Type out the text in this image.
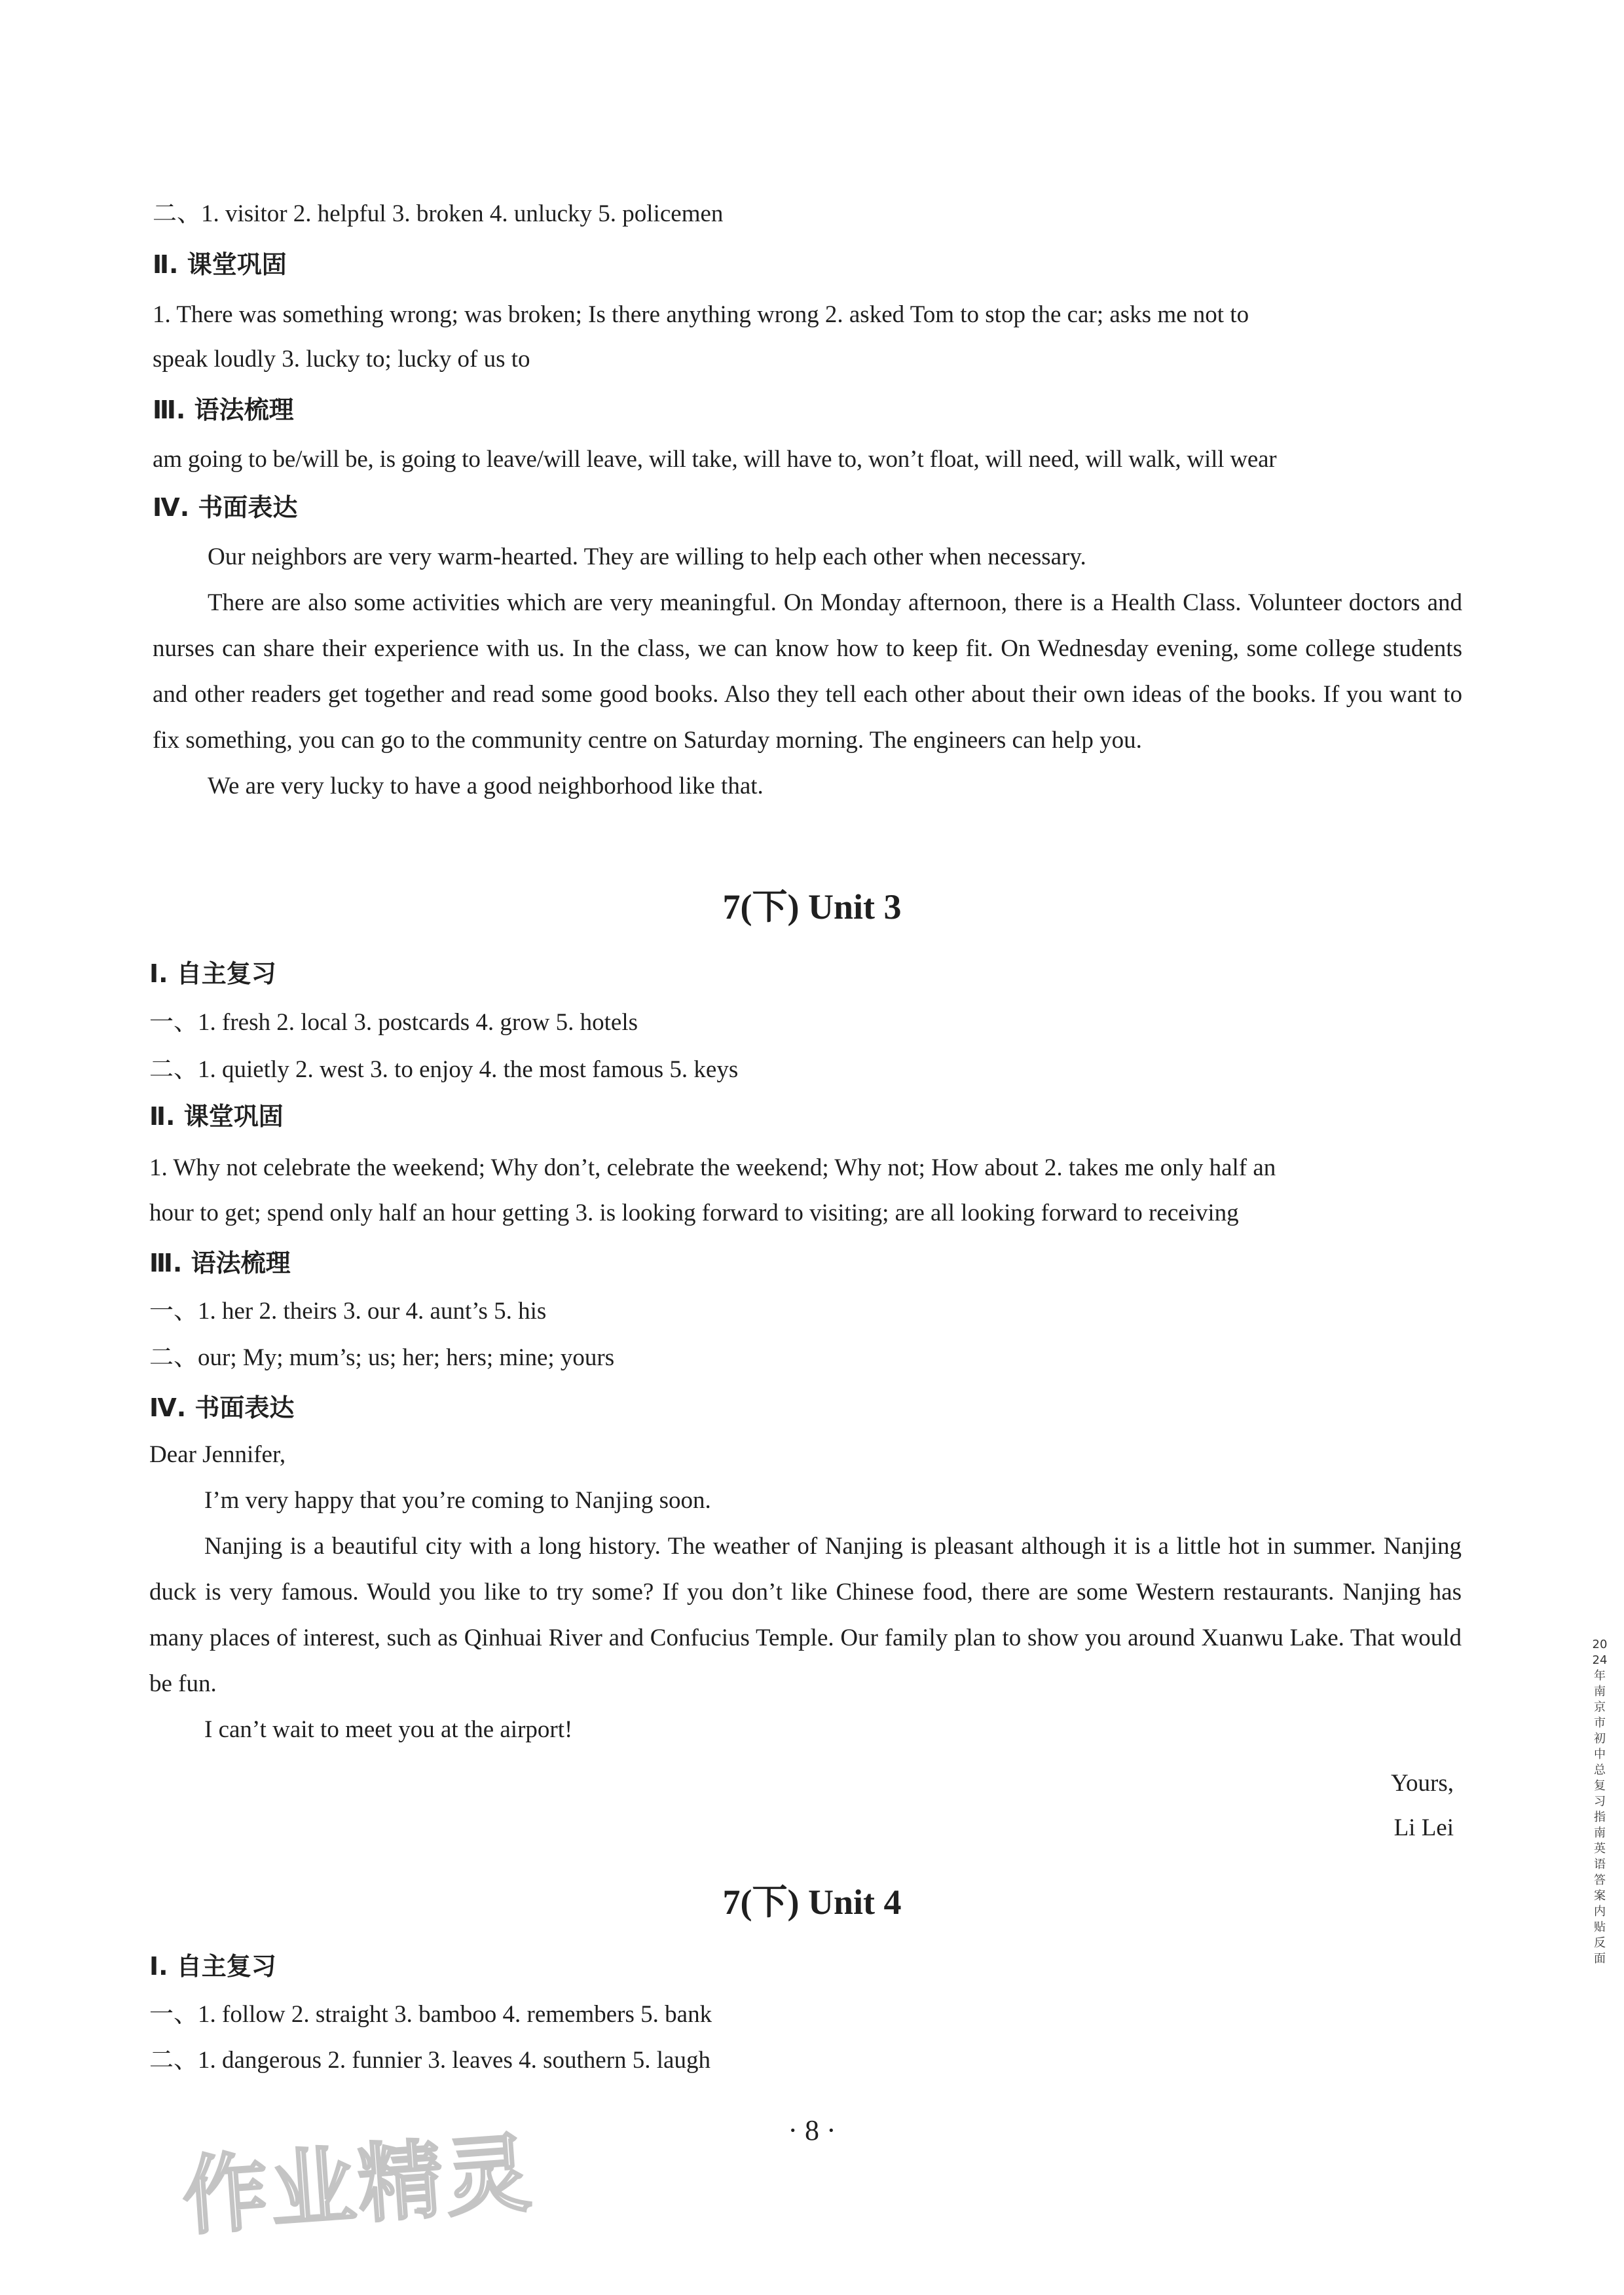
二、1. visitor 2. helpful 3. broken 4. unlucky 5. policemen
Ⅱ. 课堂巩固
1. There was something wrong; was broken; Is there anything wrong 2. asked Tom to stop the car; asks me not to
speak loudly 3. lucky to; lucky of us to
Ⅲ. 语法梳理
am going to be/will be, is going to leave/will leave, will take, will have to, won’t float, will need, will walk, will wear
Ⅳ. 书面表达

Our neighbors are very warm-hearted. They are willing to help each other when necessary.

There are also some activities which are very meaningful. On Monday afternoon, there is a Health Class. Volunteer doctors and nurses can share their experience with us. In the class, we can know how to keep fit. On Wednesday evening, some college students and other readers get together and read some good books. Also they tell each other about their own ideas of the books. If you want to fix something, you can go to the community centre on Saturday morning. The engineers can help you.

We are very lucky to have a good neighborhood like that.

7(下) Unit 3
Ⅰ. 自主复习
一、1. fresh 2. local 3. postcards 4. grow 5. hotels
二、1. quietly 2. west 3. to enjoy 4. the most famous 5. keys
Ⅱ. 课堂巩固
1. Why not celebrate the weekend; Why don’t, celebrate the weekend; Why not; How about 2. takes me only half an
hour to get; spend only half an hour getting 3. is looking forward to visiting; are all looking forward to receiving
Ⅲ. 语法梳理
一、1. her 2. theirs 3. our 4. aunt’s 5. his
二、our; My; mum’s; us; her; hers; mine; yours
Ⅳ. 书面表达
Dear Jennifer,

I’m very happy that you’re coming to Nanjing soon.

Nanjing is a beautiful city with a long history. The weather of Nanjing is pleasant although it is a little hot in summer. Nanjing duck is very famous. Would you like to try some? If you don’t like Chinese food, there are some Western restaurants. Nanjing has many places of interest, such as Qinhuai River and Confucius Temple. Our family plan to show you around Xuanwu Lake. That would be fun.

I can’t wait to meet you at the airport!

Yours,
Li Lei
7(下) Unit 4
Ⅰ. 自主复习
一、1. follow 2. straight 3. bamboo 4. remembers 5. bank
二、1. dangerous 2. funnier 3. leaves 4. southern 5. laugh
· 8 ·
2024年南京市初中总复习指南英语答案内贴反面
作业精灵
